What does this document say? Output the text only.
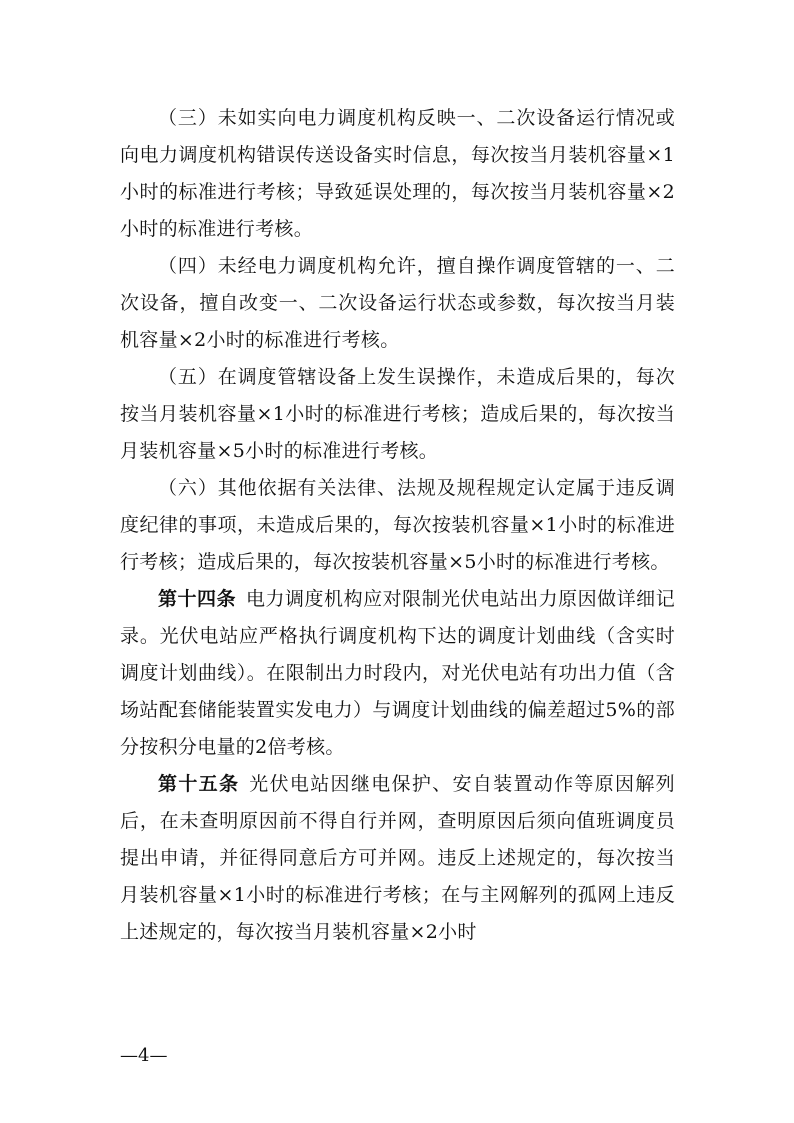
（三）未如实向电力调度机构反映一、二次设备运行情况或向电力调度机构错误传送设备实时信息，每次按当月装机容量×1小时的标准进行考核；导致延误处理的，每次按当月装机容量×2小时的标准进行考核。

（四）未经电力调度机构允许，擅自操作调度管辖的一、二次设备，擅自改变一、二次设备运行状态或参数，每次按当月装机容量×2小时的标准进行考核。

（五）在调度管辖设备上发生误操作，未造成后果的，每次按当月装机容量×1小时的标准进行考核；造成后果的，每次按当月装机容量×5小时的标准进行考核。

（六）其他依据有关法律、法规及规程规定认定属于违反调度纪律的事项，未造成后果的，每次按装机容量×1小时的标准进行考核；造成后果的，每次按装机容量×5小时的标准进行考核。

第十四条 电力调度机构应对限制光伏电站出力原因做详细记录。光伏电站应严格执行调度机构下达的调度计划曲线（含实时调度计划曲线）。在限制出力时段内，对光伏电站有功出力值（含场站配套储能装置实发电力）与调度计划曲线的偏差超过5%的部分按积分电量的2倍考核。

第十五条 光伏电站因继电保护、安自装置动作等原因解列后，在未查明原因前不得自行并网，查明原因后须向值班调度员提出申请，并征得同意后方可并网。违反上述规定的，每次按当月装机容量×1小时的标准进行考核；在与主网解列的孤网上违反上述规定的，每次按当月装机容量×2小时

—4—
